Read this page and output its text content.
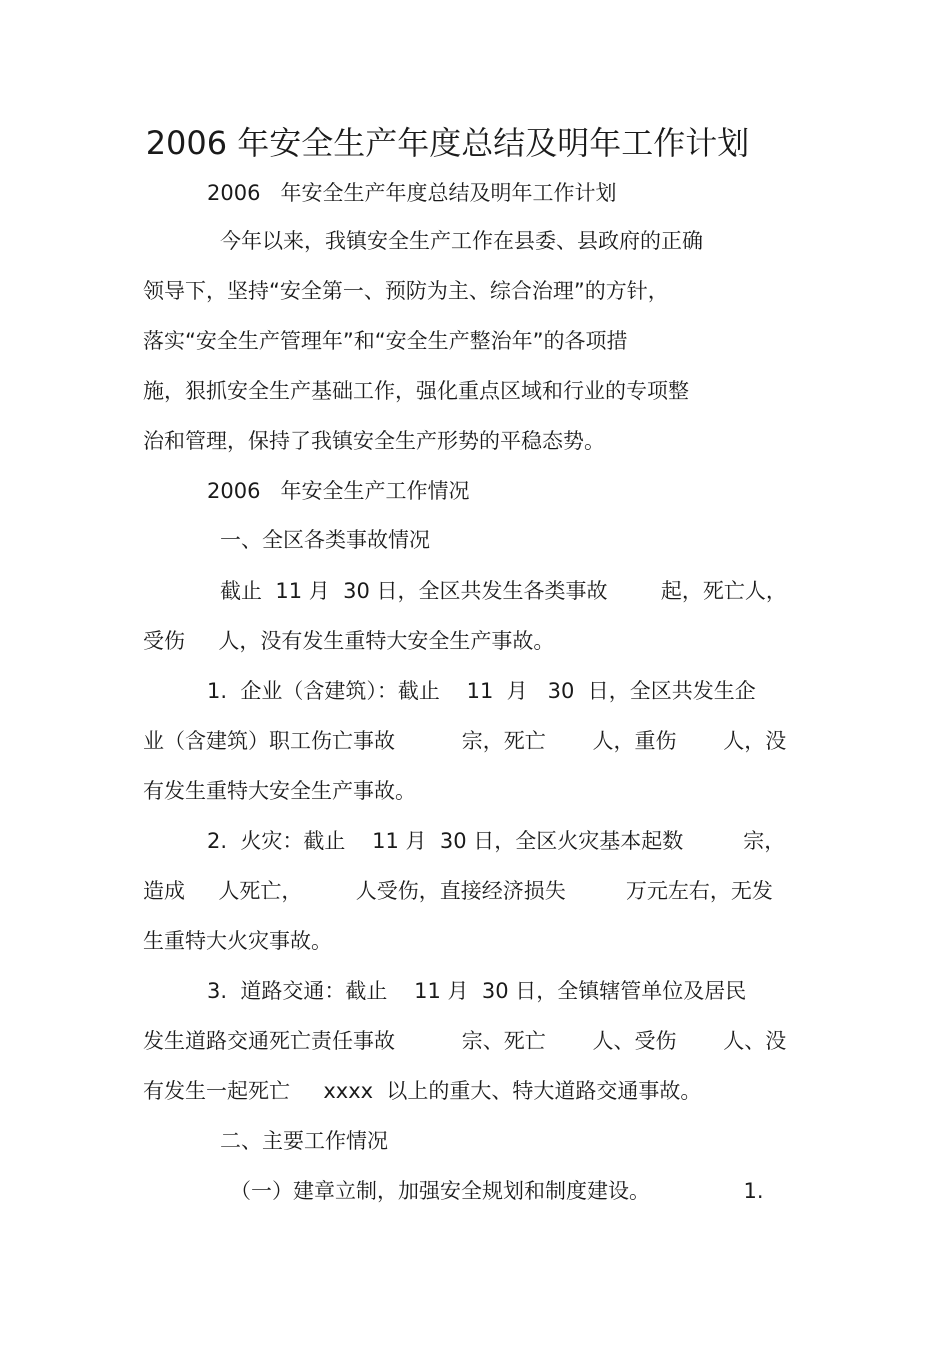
2006 年安全生产年度总结及明年工作计划
2006   年安全生产年度总结及明年工作计划
今年以来，我镇安全生产工作在县委、县政府的正确
领导下，坚持“安全第一、预防为主、综合治理”的方针，
落实“安全生产管理年”和“安全生产整治年”的各项措
施，狠抓安全生产基础工作，强化重点区域和行业的专项整
治和管理，保持了我镇安全生产形势的平稳态势。
2006   年安全生产工作情况
一、全区各类事故情况
截止  11 月  30 日，全区共发生各类事故        起，死亡人，
受伤     人，没有发生重特大安全生产事故。
1.  企业（含建筑）：截止    11  月   30  日，全区共发生企
业（含建筑）职工伤亡事故          宗，死亡       人，重伤       人，没
有发生重特大安全生产事故。
2.  火灾：截止    11 月  30 日，全区火灾基本起数         宗，
造成     人死亡，        人受伤，直接经济损失         万元左右，无发
生重特大火灾事故。
3.  道路交通：截止    11 月  30 日，全镇辖管单位及居民
发生道路交通死亡责任事故          宗、死亡       人、受伤       人、没
有发生一起死亡     xxxx  以上的重大、特大道路交通事故。
二、主要工作情况
（一）建章立制，加强安全规划和制度建设。              1.
